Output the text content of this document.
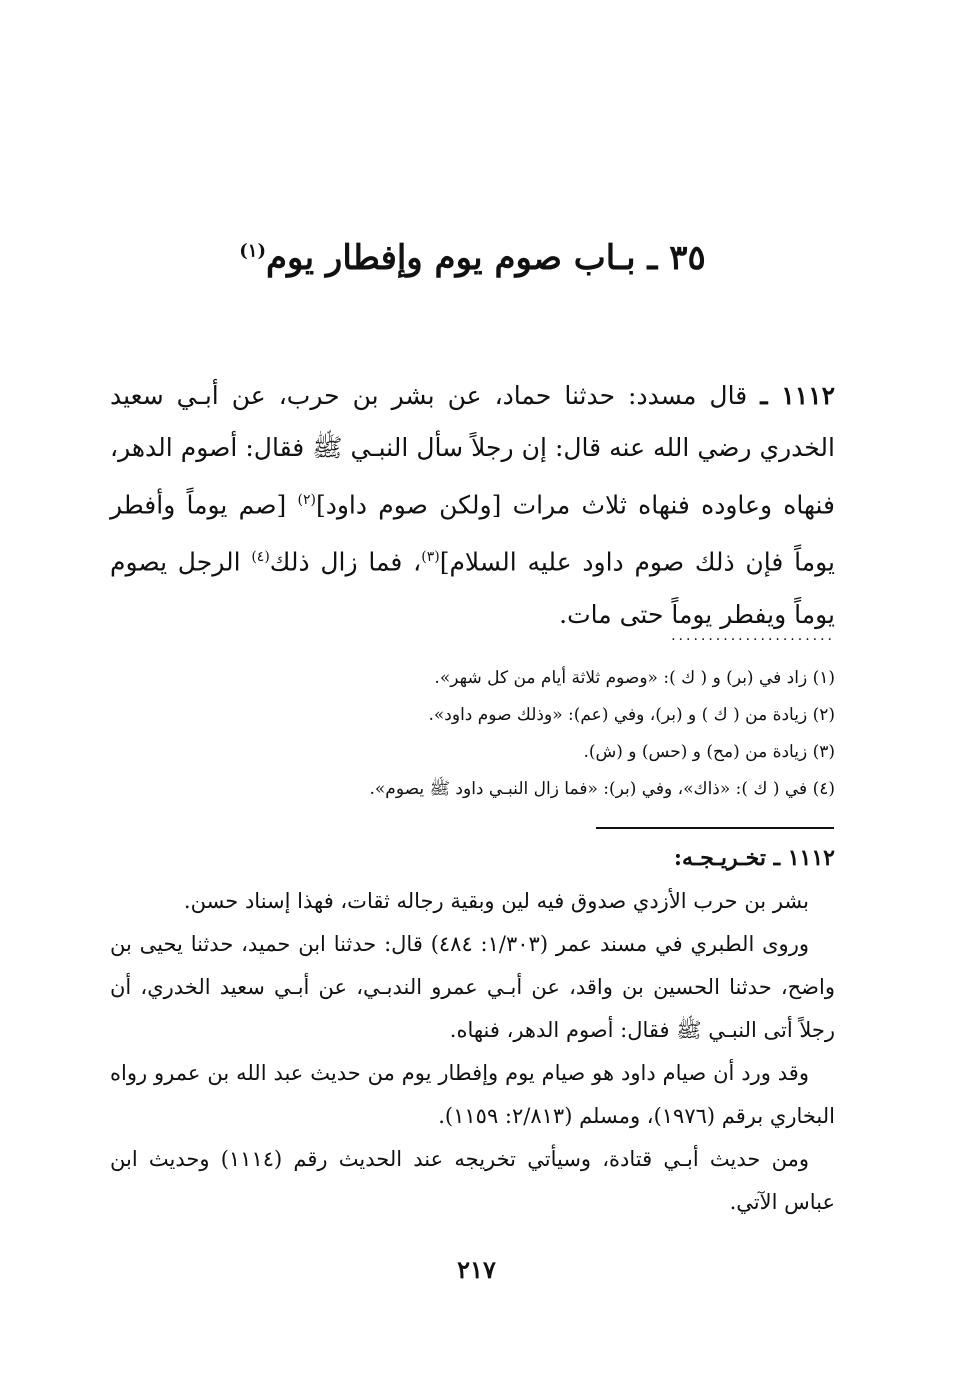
٣٥ ـ بـاب صوم يوم وإفطار يوم$^{(١)}$
١١١٢ ـ قال مسدد: حدثنا حماد، عن بشر بن حرب، عن أبـي سعيد الخدري رضي الله عنه قال: إن رجلاً سأل النبـي ﷺ فقال: أصوم الدهر، فنهاه وعاوده فنهاه ثلاث مرات [ولكن صوم داود]$^{(٢)}$ [صم يوماً وأفطر يوماً فإن ذلك صوم داود عليه السلام]$^{(٣)}$، فما زال ذلك$^{(٤)}$ الرجل يصوم يوماً ويفطر يوماً حتى مات.
......................
(١) زاد في (بر) و ( ك ): «وصوم ثلاثة أيام من كل شهر».
(٢) زيادة من ( ك ) و (بر)، وفي (عم): «وذلك صوم داود».
(٣) زيادة من (مح) و (حس) و (ش).
(٤) في ( ك ): «ذاك»، وفي (بر): «فما زال النبـي داود ﷺ يصوم».
١١١٢ ـ تخـريـجـه:

بشر بن حرب الأزدي صدوق فيه لين وبقية رجاله ثقات، فهذا إسناد حسن.

وروى الطبري في مسند عمر (١/٣٠٣: ٤٨٤) قال: حدثنا ابن حميد، حدثنا يحيى بن واضح، حدثنا الحسين بن واقد، عن أبـي عمرو الندبـي، عن أبـي سعيد الخدري، أن رجلاً أتى النبـي ﷺ فقال: أصوم الدهر، فنهاه.

وقد ورد أن صيام داود هو صيام يوم وإفطار يوم من حديث عبد الله بن عمرو رواه البخاري برقم (١٩٧٦)، ومسلم (٢/٨١٣: ١١٥٩).

ومن حديث أبـي قتادة، وسيأتي تخريجه عند الحديث رقم (١١١٤) وحديث ابن عباس الآتي.

٢١٧
